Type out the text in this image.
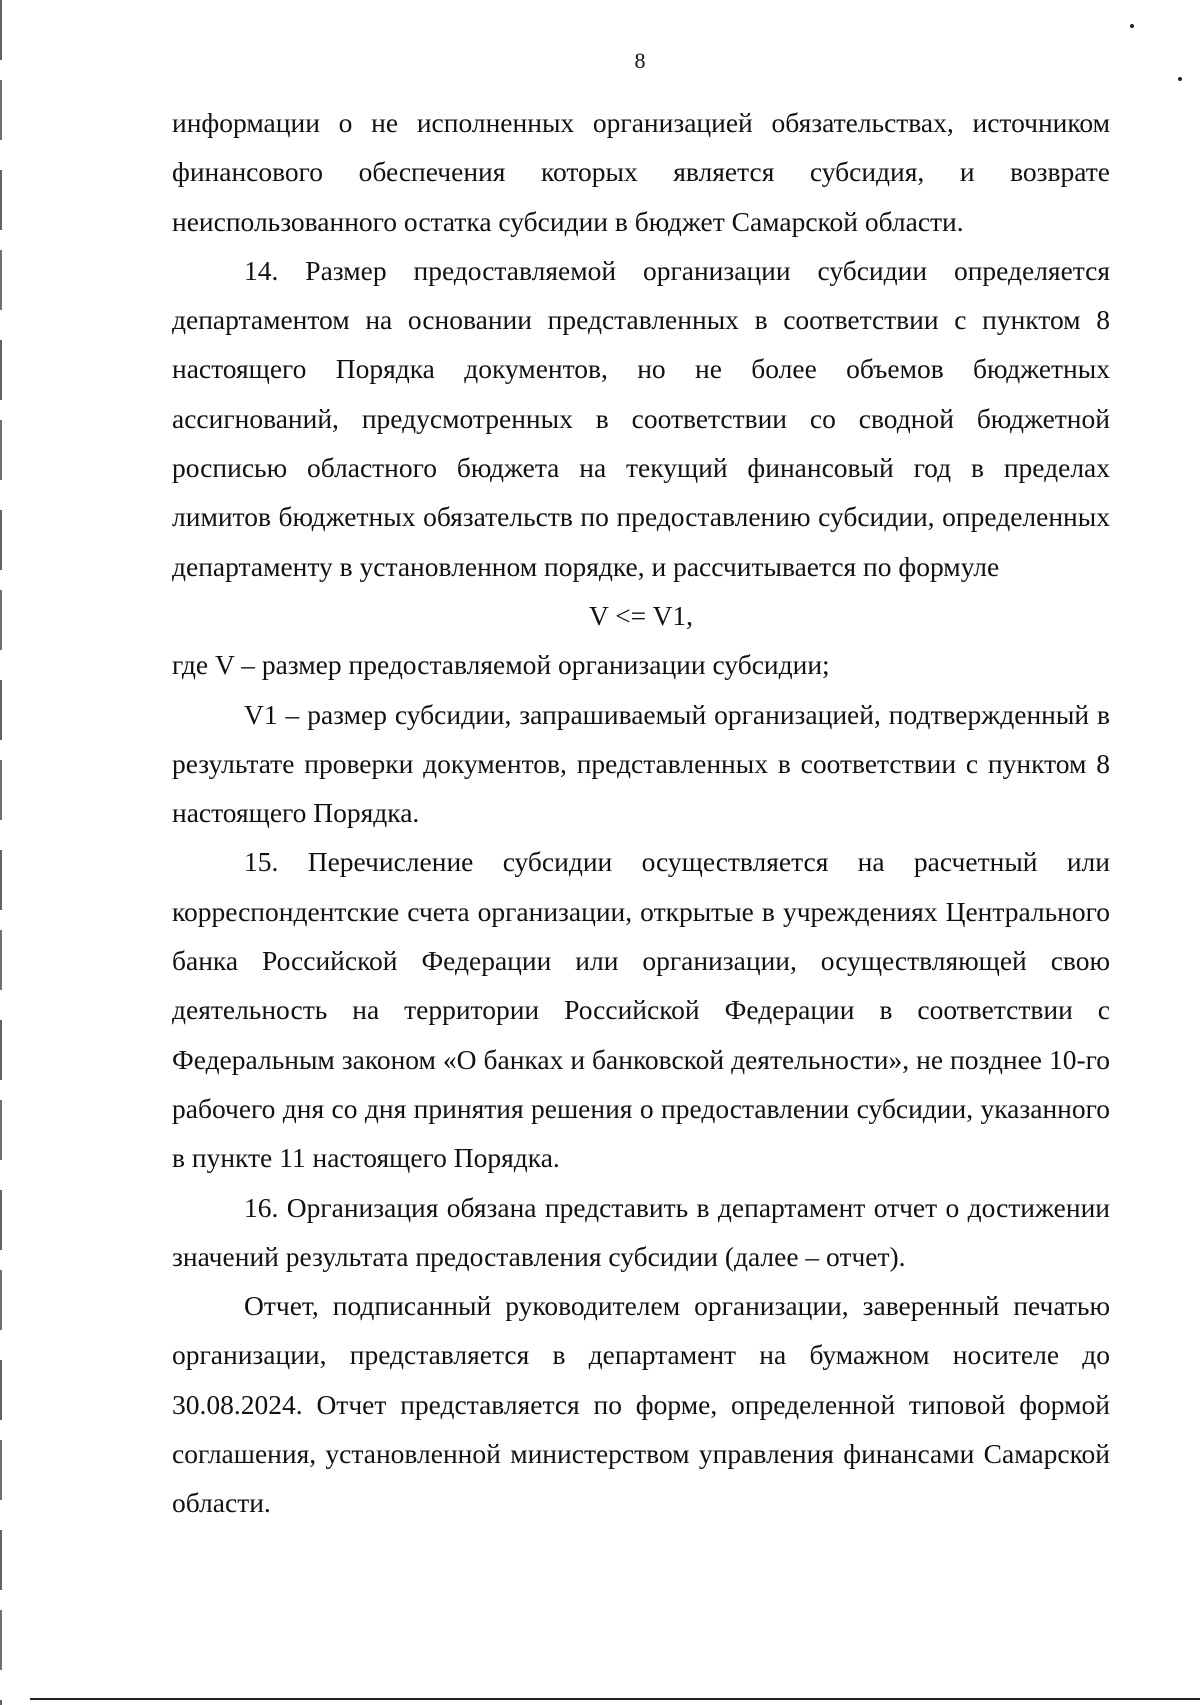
8

информации о не исполненных организацией обязательствах, источником финансового обеспечения которых является субсидия, и возврате неиспользованного остатка субсидии в бюджет Самарской области.

14. Размер предоставляемой организации субсидии определяется департаментом на основании представленных в соответствии с пунктом 8 настоящего Порядка документов, но не более объемов бюджетных ассигнований, предусмотренных в соответствии со сводной бюджетной росписью областного бюджета на текущий финансовый год в пределах лимитов бюджетных обязательств по предоставлению субсидии, определенных департаменту в установленном порядке, и рассчитывается по формуле

V <= V1,

где V – размер предоставляемой организации субсидии;

V1 – размер субсидии, запрашиваемый организацией, подтвержденный в результате проверки документов, представленных в соответствии с пунктом 8 настоящего Порядка.

15. Перечисление субсидии осуществляется на расчетный или корреспондентские счета организации, открытые в учреждениях Центрального банка Российской Федерации или организации, осуществляющей свою деятельность на территории Российской Федерации в соответствии с Федеральным законом «О банках и банковской деятельности», не позднее 10-го рабочего дня со дня принятия решения о предоставлении субсидии, указанного в пункте 11 настоящего Порядка.

16. Организация обязана представить в департамент отчет о достижении значений результата предоставления субсидии (далее – отчет).

Отчет, подписанный руководителем организации, заверенный печатью организации, представляется в департамент на бумажном носителе до 30.08.2024. Отчет представляется по форме, определенной типовой формой соглашения, установленной министерством управления финансами Самарской области.
